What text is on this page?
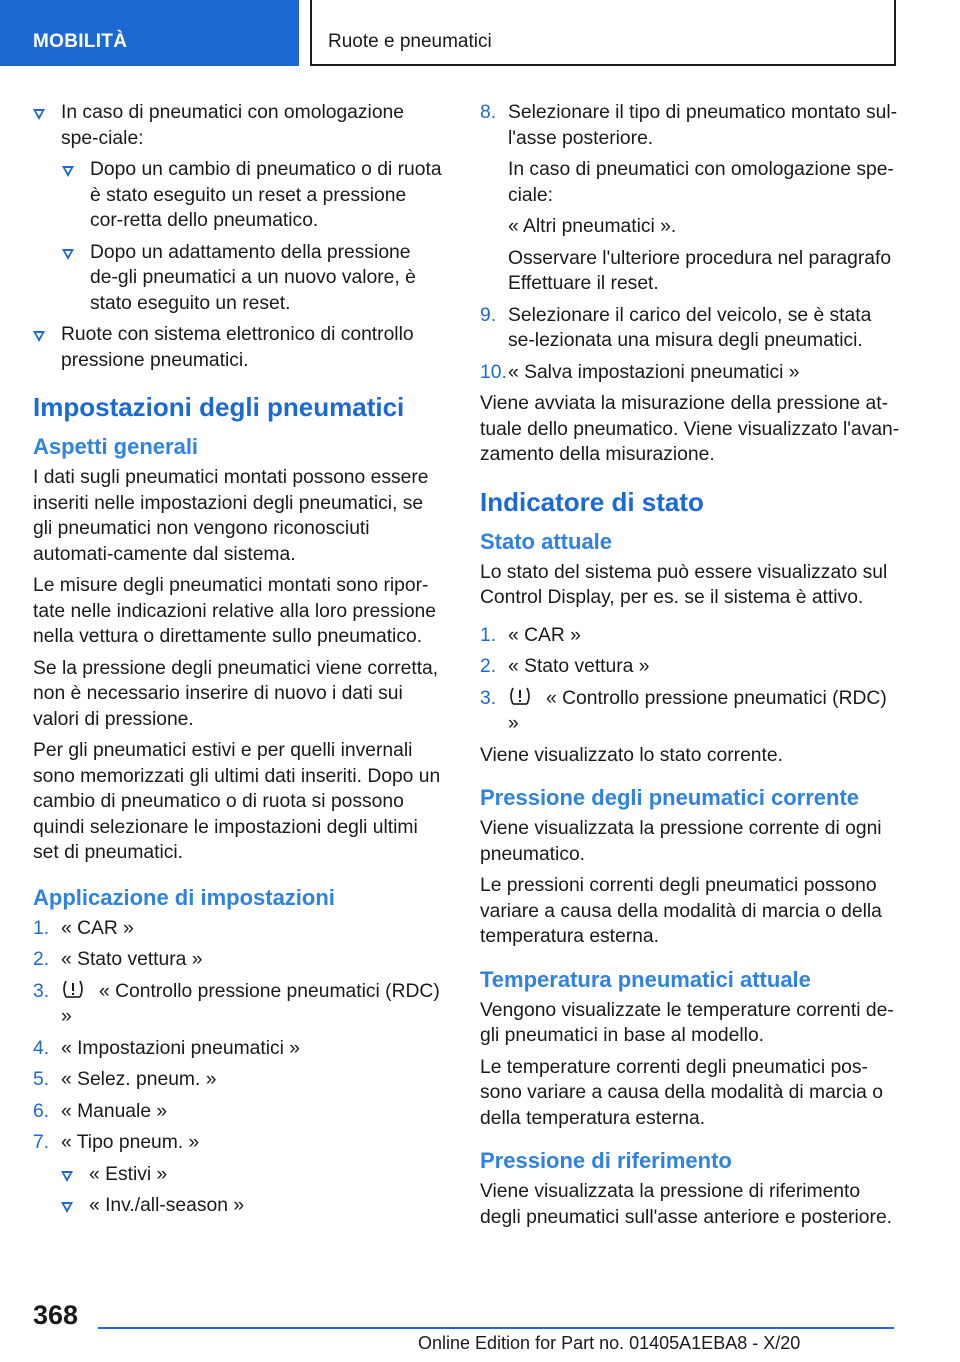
MOBILITÀ	Ruote e pneumatici
In caso di pneumatici con omologazione spe-ciale:
Dopo un cambio di pneumatico o di ruota è stato eseguito un reset a pressione cor-retta dello pneumatico.
Dopo un adattamento della pressione de-gli pneumatici a un nuovo valore, è stato eseguito un reset.
Ruote con sistema elettronico di controllo pressione pneumatici.
Impostazioni degli pneumatici
Aspetti generali

I dati sugli pneumatici montati possono essere inseriti nelle impostazioni degli pneumatici, se gli pneumatici non vengono riconosciuti automati-camente dal sistema.

Le misure degli pneumatici montati sono ripor-tate nelle indicazioni relative alla loro pressione nella vettura o direttamente sullo pneumatico.

Se la pressione degli pneumatici viene corretta, non è necessario inserire di nuovo i dati sui valori di pressione.

Per gli pneumatici estivi e per quelli invernali sono memorizzati gli ultimi dati inseriti. Dopo un cambio di pneumatico o di ruota si possono quindi selezionare le impostazioni degli ultimi set di pneumatici.

Applicazione di impostazioni
1. « CAR »
2. « Stato vettura »
3.	« Controllo pressione pneumatici (RDC) »
4. « Impostazioni pneumatici »
5. « Selez. pneum. »
6. « Manuale »
7. « Tipo pneum. »
« Estivi »
« Inv./all-season »
8. Selezionare il tipo di pneumatico montato sul-l'asse posteriore.

In caso di pneumatici con omologazione spe-ciale:

« Altri pneumatici ».

Osservare l'ulteriore procedura nel paragrafo Effettuare il reset.

9. Selezionare il carico del veicolo, se è stata se-lezionata una misura degli pneumatici.
10. « Salva impostazioni pneumatici »

Viene avviata la misurazione della pressione at-tuale dello pneumatico. Viene visualizzato l'avan-zamento della misurazione.

Indicatore di stato
Stato attuale

Lo stato del sistema può essere visualizzato sul Control Display, per es. se il sistema è attivo.

1. « CAR »
2. « Stato vettura »
3.	« Controllo pressione pneumatici (RDC) »

Viene visualizzato lo stato corrente.

Pressione degli pneumatici corrente

Viene visualizzata la pressione corrente di ogni pneumatico.

Le pressioni correnti degli pneumatici possono variare a causa della modalità di marcia o della temperatura esterna.

Temperatura pneumatici attuale

Vengono visualizzate le temperature correnti de-gli pneumatici in base al modello.

Le temperature correnti degli pneumatici pos-sono variare a causa della modalità di marcia o della temperatura esterna.

Pressione di riferimento

Viene visualizzata la pressione di riferimento degli pneumatici sull'asse anteriore e posteriore.

368
Online Edition for Part no. 01405A1EBA8 - X/20
